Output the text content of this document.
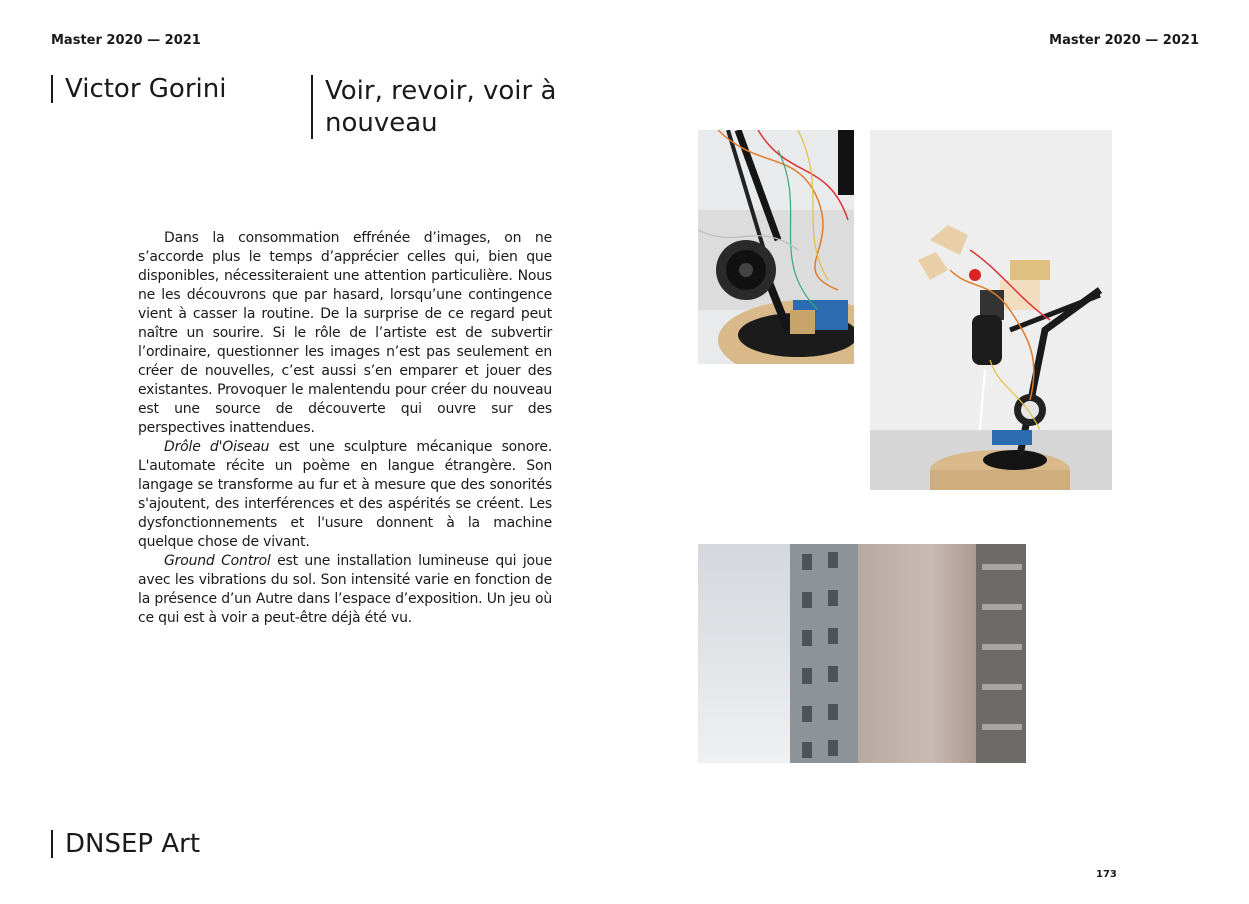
Master 2020 — 2021	Master 2020 — 2021
Victor Gorini	Voir, revoir, voir à nouveau

Dans la consommation effrénée d’images, on ne s’accorde plus le temps d’apprécier celles qui, bien que disponibles, nécessiteraient une attention particulière. Nous ne les découvrons que par hasard, lorsqu’une contingence vient à casser la routine. De la surprise de ce regard peut naître un sourire. Si le rôle de l’artiste est de subvertir l’ordinaire, questionner les images n’est pas seulement en créer de nouvelles, c’est aussi s’en emparer et jouer des existantes. Provoquer le malentendu pour créer du nouveau est une source de découverte qui ouvre sur des perspectives inattendues.

Drôle d'Oiseau est une sculpture mécanique sonore. L'automate récite un poème en langue étrangère. Son langage se transforme au fur et à mesure que des sonorités s'ajoutent, des interférences et des aspérités se créent. Les dysfonctionnements et l'usure donnent à la machine quelque chose de vivant.

Ground Control est une installation lumineuse qui joue avec les vibrations du sol. Son intensité varie en fonction de la présence d’un Autre dans l’espace d’exposition. Un jeu où ce qui est à voir a peut-être déjà été vu.

DNSEP Art
173
